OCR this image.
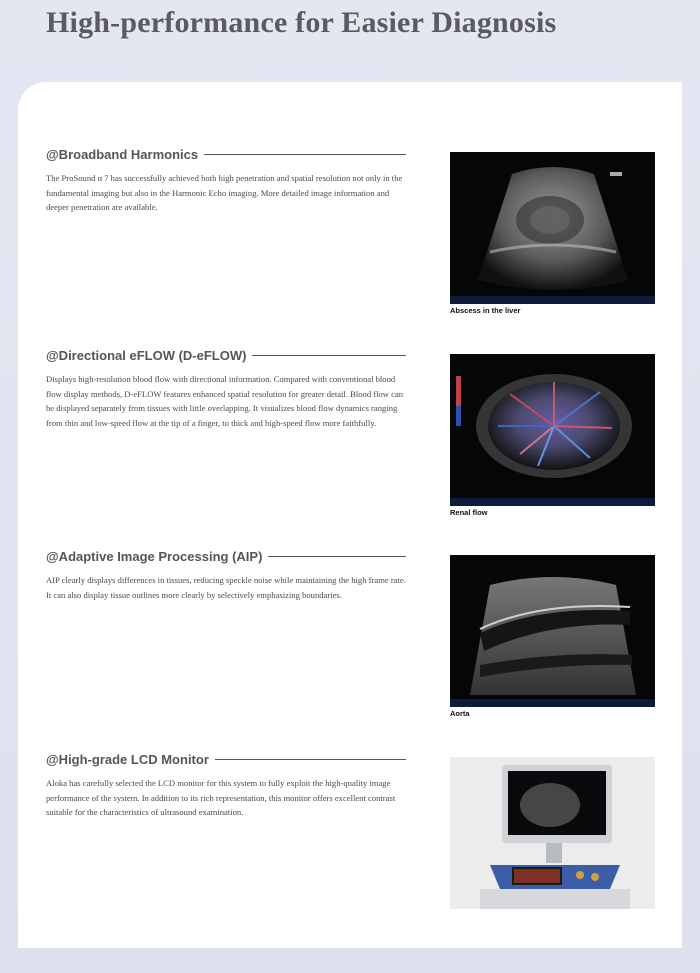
High-performance for Easier Diagnosis
@Broadband Harmonics
The ProSound α 7 has successfully achieved both high penetration and spatial resolution not only in the fundamental imaging but also in the Harmonic Echo imaging. More detailed image information and deeper penetration are available.
Abscess in the liver
@Directional eFLOW (D-eFLOW)
Displays high-resolution blood flow with directional information. Compared with conventional blood flow display methods, D-eFLOW features enhanced spatial resolution for greater detail. Blood flow can be displayed separately from tissues with little overlapping. It visualizes blood flow dynamics ranging from thin and low-speed flow at the tip of a finger, to thick and high-speed flow more faithfully.
Renal flow
@Adaptive Image Processing (AIP)
AIP clearly displays differences in tissues, reducing speckle noise while maintaining the high frame rate. It can also display tissue outlines more clearly by selectively emphasizing boundaries.
Aorta
@High-grade LCD Monitor
Aloka has carefully selected the LCD monitor for this system to fully exploit the high-quality image performance of the system. In addition to its rich representation, this monitor offers excellent contrast suitable for the characteristics of ultrasound examination.
